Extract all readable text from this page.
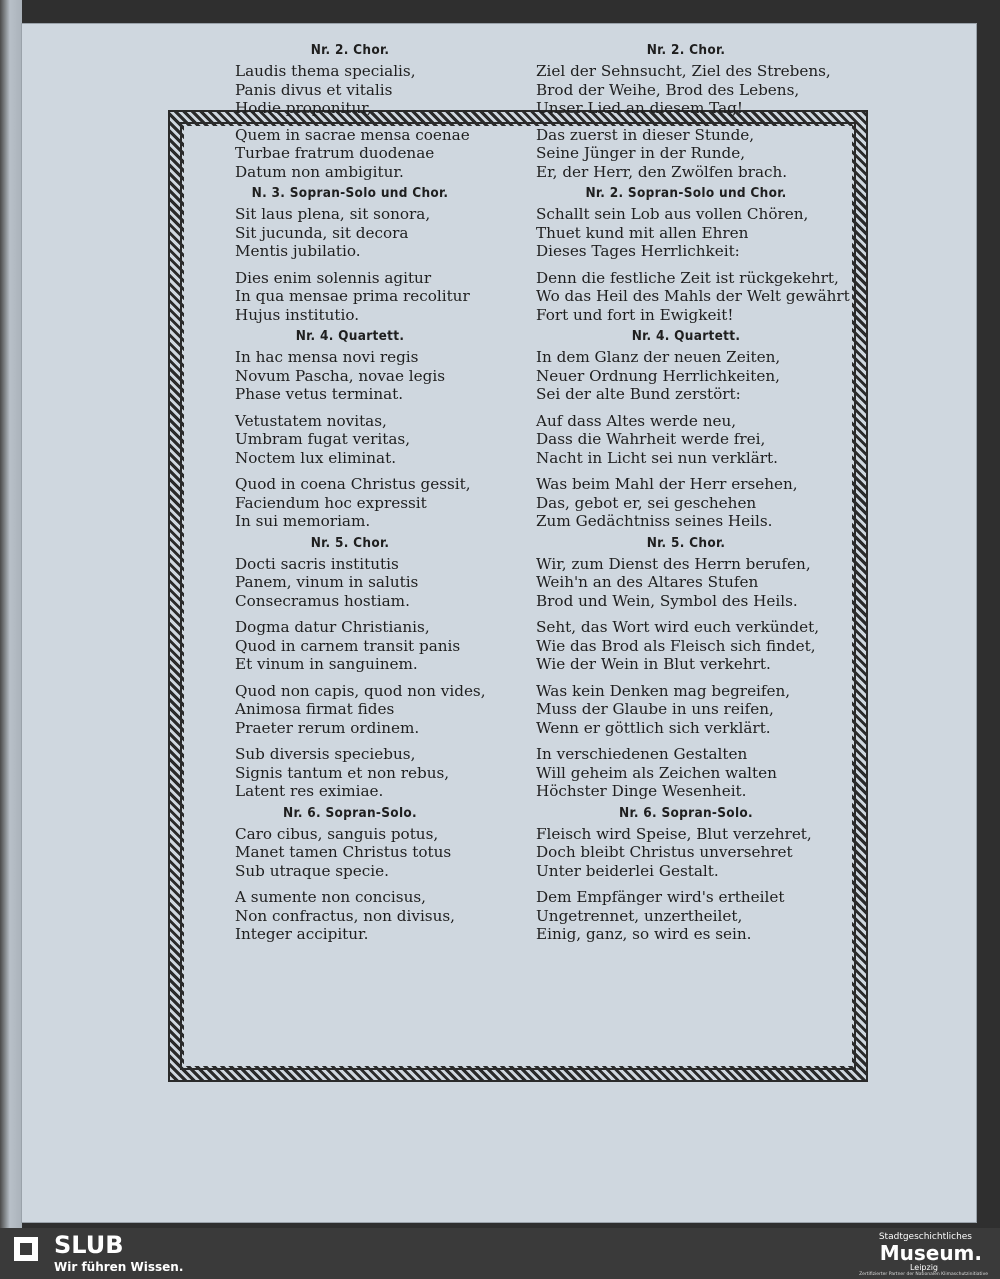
Nr. 2. Chor.
Laudis thema specialis,
Panis divus et vitalis
Hodie proponitur,
Quem in sacrae mensa coenae
Turbae fratrum duodenae
Datum non ambigitur.
N. 3. Sopran-Solo und Chor.
Sit laus plena, sit sonora,
Sit jucunda, sit decora
Mentis jubilatio.
Dies enim solennis agitur
In qua mensae prima recolitur
Hujus institutio.
Nr. 4. Quartett.
In hac mensa novi regis
Novum Pascha, novae legis
Phase vetus terminat.
Vetustatem novitas,
Umbram fugat veritas,
Noctem lux eliminat.
Quod in coena Christus gessit,
Faciendum hoc expressit
In sui memoriam.
Nr. 5. Chor.
Docti sacris institutis
Panem, vinum in salutis
Consecramus hostiam.
Dogma datur Christianis,
Quod in carnem transit panis
Et vinum in sanguinem.
Quod non capis, quod non vides,
Animosa firmat fides
Praeter rerum ordinem.
Sub diversis speciebus,
Signis tantum et non rebus,
Latent res eximiae.
Nr. 6. Sopran-Solo.
Caro cibus, sanguis potus,
Manet tamen Christus totus
Sub utraque specie.
A sumente non concisus,
Non confractus, non divisus,
Integer accipitur.
Nr. 2. Chor.
Ziel der Sehnsucht, Ziel des Strebens,
Brod der Weihe, Brod des Lebens,
Unser Lied an diesem Tag!
Das zuerst in dieser Stunde,
Seine Jünger in der Runde,
Er, der Herr, den Zwölfen brach.
Nr. 2. Sopran-Solo und Chor.
Schallt sein Lob aus vollen Chören,
Thuet kund mit allen Ehren
Dieses Tages Herrlichkeit:
Denn die festliche Zeit ist rückgekehrt,
Wo das Heil des Mahls der Welt gewährt
Fort und fort in Ewigkeit!
Nr. 4. Quartett.
In dem Glanz der neuen Zeiten,
Neuer Ordnung Herrlichkeiten,
Sei der alte Bund zerstört:
Auf dass Altes werde neu,
Dass die Wahrheit werde frei,
Nacht in Licht sei nun verklärt.
Was beim Mahl der Herr ersehen,
Das, gebot er, sei geschehen
Zum Gedächtniss seines Heils.
Nr. 5. Chor.
Wir, zum Dienst des Herrn berufen,
Weih'n an des Altares Stufen
Brod und Wein, Symbol des Heils.
Seht, das Wort wird euch verkündet,
Wie das Brod als Fleisch sich findet,
Wie der Wein in Blut verkehrt.
Was kein Denken mag begreifen,
Muss der Glaube in uns reifen,
Wenn er göttlich sich verklärt.
In verschiedenen Gestalten
Will geheim als Zeichen walten
Höchster Dinge Wesenheit.
Nr. 6. Sopran-Solo.
Fleisch wird Speise, Blut verzehret,
Doch bleibt Christus unversehret
Unter beiderlei Gestalt.
Dem Empfänger wird's ertheilet
Ungetrennet, unzertheilet,
Einig, ganz, so wird es sein.
SLUB
Wir führen Wissen.
Stadtgeschichtliches
Museum.
Leipzig
Zertifizierter Partner der Nationalen Klimaschutzinitiative
